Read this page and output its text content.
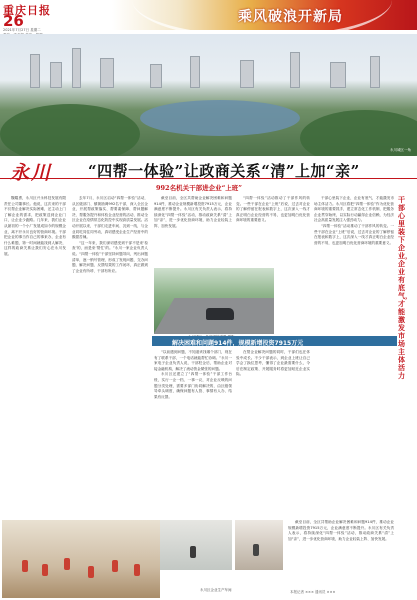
重庆日报
26
2021年7月27日 星期二
乘风破浪开新局
永川城区一角
永川 “四帮一体验”让政商关系“清”上加“亲”
992名机关干部进企业“上班”
干部心里装下企业，企业有底气，才能激发市场主体活力

魏耀勇，永川区兴永科技发展有限责任公司董事长。他说，这次来的干部不仅帮企业解决实际困难，还主动上门了解企业的需求，把政策送到企业门口，让企业少跑路。几年来，我们企业从最初的一个小厂发展成如今的规模企业，离不开永川良好的营商环境。干部把企业的事当作自己的事来办，企业有什么难题，第一时间就能找到人解决，这样的政商关系让我们安心在永川发展。

去年7月，永川区启动“四帮一体验”活动，从区级部门、镇街抽调992名干部，深入全区企业，开展帮政策落实、帮要素保障、帮问题解决、帮服务提升和体验企业经营的活动，推动全区企业在疫情常态化防控中实现高质量发展。活动开展以来，干部们走进车间、沉到一线，与企业同吃同住同劳动，真切感受企业生产经营中的酸甜苦辣。

“这一年来，我们深切感受到干部不是来‘检查’的，而是来‘帮忙’的。”永川一家企业负责人说。“四帮一体验”干部坚持问题导向，列出问题清单，逐一销号管理，形成了发现问题、交办问题、解决问题、反馈结果的工作闭环，真正做到了企业有所呼、干部有所应。

截至目前，全区共帮助企业解决困难和问题914件，推动企业规模新增投资7915万元，企业满意度不断提升。永川区有关负责人表示，将持续深化“四帮一体验”活动，推动政商关系“清”上加“亲”，进一步优化营商环境，助力企业轻装上阵、加快发展。

“四帮一体验”活动推动了干部作风的转变。一些干部在企业“上班”后说，过去对企业的了解停留在报表和数字上，这次深入一线才真正明白企业经营的不易，也更加明白优化营商环境的重要意义。

干部心里装下企业，企业有底气，才能激发市场主体活力。永川区将把“四帮一体验”作为优化营商环境的重要抓手，建立常态化工作机制，把服务企业贯穿始终，以实际行动赢得企业信赖，为经济社会高质量发展注入强劲动力。

“四帮一体验”活动推动了干部作风的转变。一些干部在企业“上班”后说，过去对企业的了解停留在报表和数字上，这次深入一线才真正明白企业经营的不易，也更加明白优化营商环境的重要意义。

解决困难和问题914件，规模新增投资7915万元

“以前遇到问题，不知道该找哪个部门，现在有了联系干部，一个电话就能帮忙协调。”永川一家电子企业负责人说，干部驻企后，帮助企业对接金融机构，解决了流动资金紧张的问题。

永川区还建立了“四帮一体验”干部工作台账，实行一企一档、一事一议，对企业反映的问题分类处理，需要多部门协同解决的，由区级领导牵头调度，确保问题有人管、事情有人办、结果有反馈。

在帮企业解决问题的同时，干部们也在体验中成长。不少干部表示，到企业上班让自己学会了换位思考，懂得了企业最需要什么，今后在制定政策、开展服务时将更加贴近企业实际。

截至目前，全区共帮助企业解决困难和问题914件，推动企业规模新增投资7915万元，企业满意度不断提升。永川区有关负责人表示，将持续深化“四帮一体验”活动，推动政商关系“清”上加“亲”，进一步优化营商环境，助力企业轻装上阵、加快发展。

永川区企业生产车间	本报记者 ××× 通讯员 ×××
